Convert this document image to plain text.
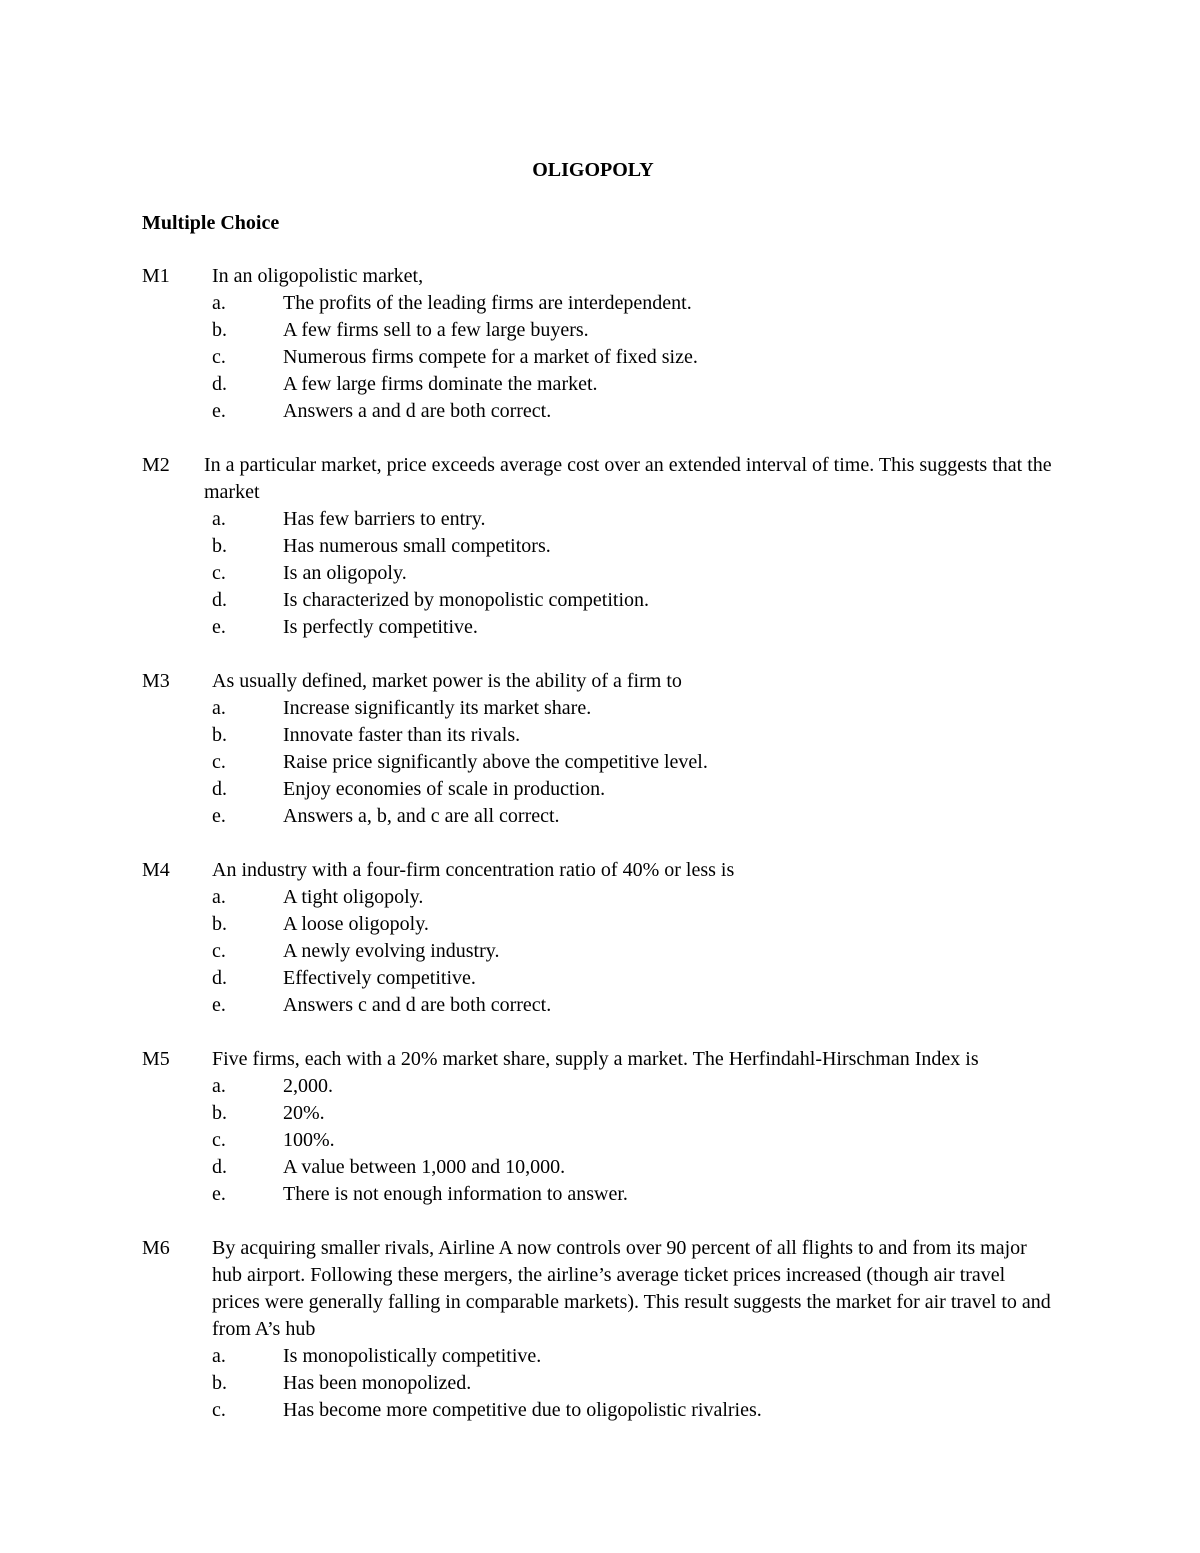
OLIGOPOLY
Multiple Choice
M1	In an oligopolistic market,
a.	The profits of the leading firms are interdependent.
b.	A few firms sell to a few large buyers.
c.	Numerous firms compete for a market of fixed size.
d.	A few large firms dominate the market.
e.	Answers a and d are both correct.
M2	In a particular market, price exceeds average cost over an extended interval of time. This suggests that the market
a.	Has few barriers to entry.
b.	Has numerous small competitors.
c.	Is an oligopoly.
d.	Is characterized by monopolistic competition.
e.	Is perfectly competitive.
M3	As usually defined, market power is the ability of a firm to
a.	Increase significantly its market share.
b.	Innovate faster than its rivals.
c.	Raise price significantly above the competitive level.
d.	Enjoy economies of scale in production.
e.	Answers a, b, and c are all correct.
M4	An industry with a four-firm concentration ratio of 40% or less is
a.	A tight oligopoly.
b.	A loose oligopoly.
c.	A newly evolving industry.
d.	Effectively competitive.
e.	Answers c and d are both correct.
M5	Five firms, each with a 20% market share, supply a market. The Herfindahl-Hirschman Index is
a.	2,000.
b.	20%.
c.	100%.
d.	A value between 1,000 and 10,000.
e.	There is not enough information to answer.
M6	By acquiring smaller rivals, Airline A now controls over 90 percent of all flights to and from its major hub airport. Following these mergers, the airline’s average ticket prices increased (though air travel prices were generally falling in comparable markets). This result suggests the market for air travel to and from A’s hub
a.	Is monopolistically competitive.
b.	Has been monopolized.
c.	Has become more competitive due to oligopolistic rivalries.
